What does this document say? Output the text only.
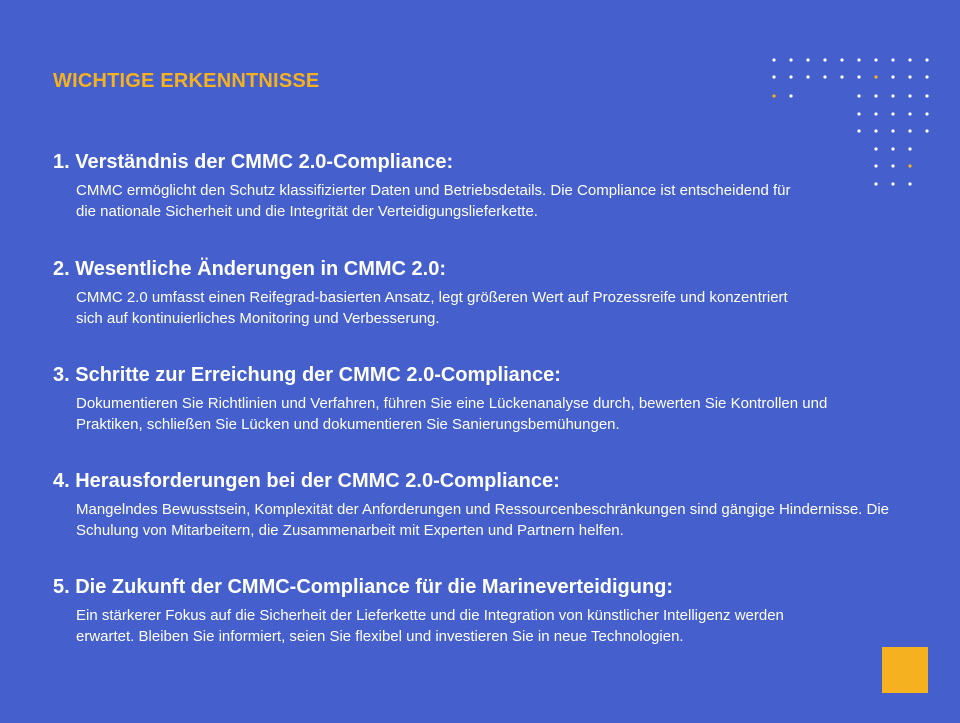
WICHTIGE ERKENNTNISSE

1. Verständnis der CMMC 2.0-Compliance:

CMMC ermöglicht den Schutz klassifizierter Daten und Betriebsdetails. Die Compliance ist entscheidend für die nationale Sicherheit und die Integrität der Verteidigungslieferkette.

2. Wesentliche Änderungen in CMMC 2.0:

CMMC 2.0 umfasst einen Reifegrad-basierten Ansatz, legt größeren Wert auf Prozessreife und konzentriert sich auf kontinuierliches Monitoring und Verbesserung.

3. Schritte zur Erreichung der CMMC 2.0-Compliance:

Dokumentieren Sie Richtlinien und Verfahren, führen Sie eine Lückenanalyse durch, bewerten Sie Kontrollen und Praktiken, schließen Sie Lücken und dokumentieren Sie Sanierungsbemühungen.

4. Herausforderungen bei der CMMC 2.0-Compliance:

Mangelndes Bewusstsein, Komplexität der Anforderungen und Ressourcenbeschränkungen sind gängige Hindernisse. Die Schulung von Mitarbeitern, die Zusammenarbeit mit Experten und Partnern helfen.

5. Die Zukunft der CMMC-Compliance für die Marineverteidigung:

Ein stärkerer Fokus auf die Sicherheit der Lieferkette und die Integration von künstlicher Intelligenz werden erwartet. Bleiben Sie informiert, seien Sie flexibel und investieren Sie in neue Technologien.
